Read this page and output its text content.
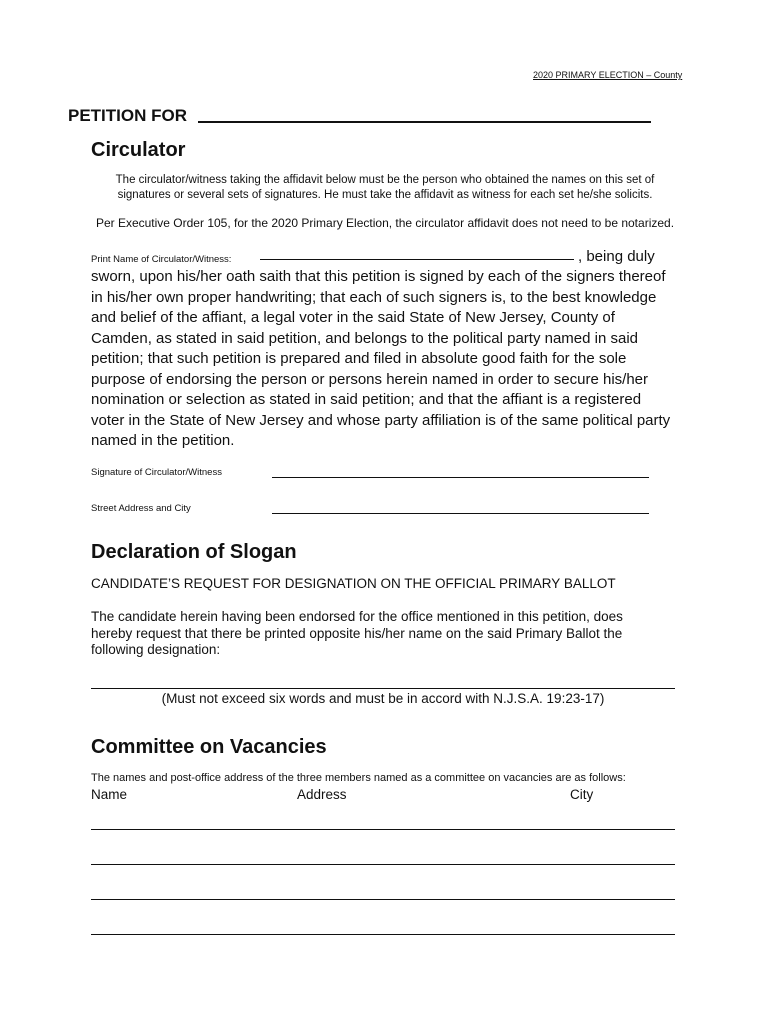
2020 PRIMARY ELECTION – County
PETITION FOR
Circulator
The circulator/witness taking the affidavit below must be the person who obtained the names on this set of
signatures or several sets of signatures. He must take the affidavit as witness for each set he/she solicits.
Per Executive Order 105, for the 2020 Primary Election, the circulator affidavit does not need to be notarized.
Print Name of Circulator/Witness:	, being duly
sworn, upon his/her oath saith that this petition is signed by each of the signers thereof
in his/her own proper handwriting; that each of such signers is, to the best knowledge
and belief of the affiant, a legal voter in the said State of New Jersey, County of
Camden, as stated in said petition, and belongs to the political party named in said
petition; that such petition is prepared and filed in absolute good faith for the sole
purpose of endorsing the person or persons herein named in order to secure his/her
nomination or selection as stated in said petition; and that the affiant is a registered
voter in the State of New Jersey and whose party affiliation is of the same political party
named in the petition.
Signature of Circulator/Witness
Street Address and City
Declaration of Slogan
CANDIDATE’S REQUEST FOR DESIGNATION ON THE OFFICIAL PRIMARY BALLOT
The candidate herein having been endorsed for the office mentioned in this petition, does
hereby request that there be printed opposite his/her name on the said Primary Ballot the
following designation:
(Must not exceed six words and must be in accord with N.J.S.A. 19:23-17)
Committee on Vacancies
The names and post-office address of the three members named as a committee on vacancies are as follows:
Name	Address	City
